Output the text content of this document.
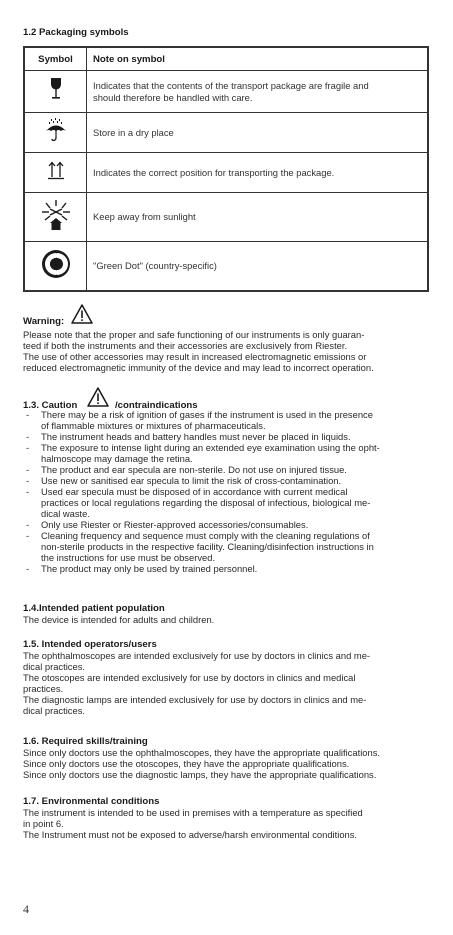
1.2 Packaging symbols
Symbol	Note on symbol

Indicates that the contents of the transport package are fragile and
should therefore be handled with care.

Store in a dry place

Indicates the correct position for transporting the package.

Keep away from sunlight

"Green Dot" (country-specific)
Warning:
Please note that the proper and safe functioning of our instruments is only guaran-
teed if both the instruments and their accessories are exclusively from Riester.
The use of other accessories may result in increased electromagnetic emissions or
reduced electromagnetic immunity of the device and may lead to incorrect operation.
1.3. Caution	/contraindications
- There may be a risk of ignition of gases if the instrument is used in the presence
of flammable mixtures or mixtures of pharmaceuticals.
- The instrument heads and battery handles must never be placed in liquids.
- The exposure to intense light during an extended eye examination using the opht-
halmoscope may damage the retina.
- The product and ear specula are non-sterile. Do not use on injured tissue.
- Use new or sanitised ear specula to limit the risk of cross-contamination.
- Used ear specula must be disposed of in accordance with current medical
practices or local regulations regarding the disposal of infectious, biological me-
dical waste.
- Only use Riester or Riester-approved accessories/consumables.
- Cleaning frequency and sequence must comply with the cleaning regulations of
non-sterile products in the respective facility. Cleaning/disinfection instructions in
the instructions for use must be observed.
- The product may only be used by trained personnel.
1.4.Intended patient population
The device is intended for adults and children.
1.5. Intended operators/users
The ophthalmoscopes are intended exclusively for use by doctors in clinics and me-
dical practices.
The otoscopes are intended exclusively for use by doctors in clinics and medical
practices.
The diagnostic lamps are intended exclusively for use by doctors in clinics and me-
dical practices.
1.6. Required skills/training
Since only doctors use the ophthalmoscopes, they have the appropriate qualifications.
Since only doctors use the otoscopes, they have the appropriate qualifications.
Since only doctors use the diagnostic lamps, they have the appropriate qualifications.
1.7. Environmental conditions
The instrument is intended to be used in premises with a temperature as specified
in point 6.
The Instrument must not be exposed to adverse/harsh environmental conditions.
4
